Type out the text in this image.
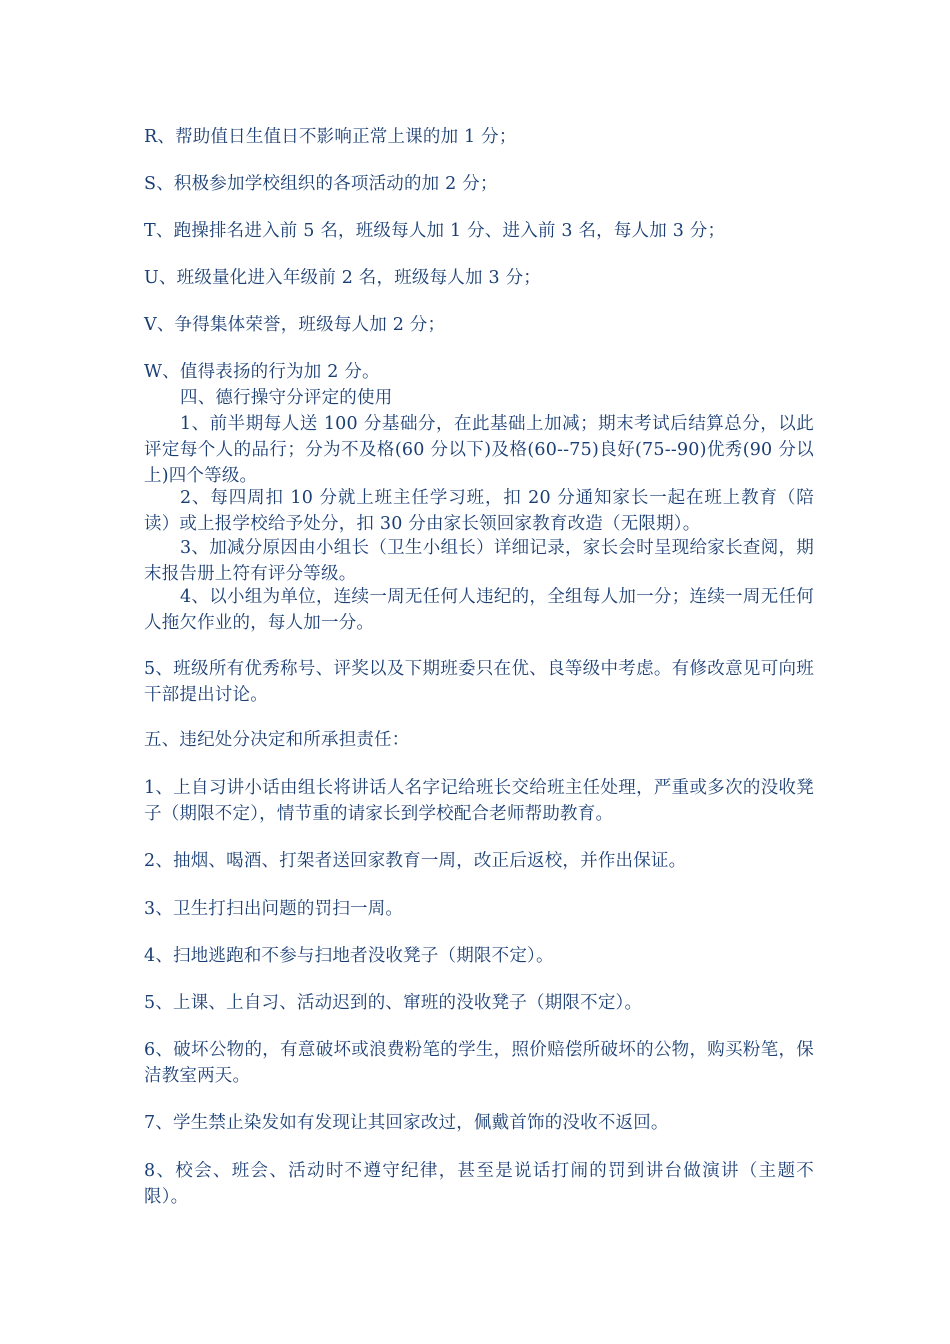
R、帮助值日生值日不影响正常上课的加 1 分；
S、积极参加学校组织的各项活动的加 2 分；
T、跑操排名进入前 5 名，班级每人加 1 分、进入前 3 名，每人加 3 分；
U、班级量化进入年级前 2 名，班级每人加 3 分；
V、争得集体荣誉，班级每人加 2 分；
W、值得表扬的行为加 2 分。
四、德行操守分评定的使用
1、前半期每人送 100 分基础分，在此基础上加减；期末考试后结算总分，以此评定每个人的品行；分为不及格(60 分以下)及格(60--75)良好(75--90)优秀(90 分以上)四个等级。
2、每四周扣 10 分就上班主任学习班，扣 20 分通知家长一起在班上教育（陪读）或上报学校给予处分，扣 30 分由家长领回家教育改造（无限期）。
3、加减分原因由小组长（卫生小组长）详细记录，家长会时呈现给家长查阅，期末报告册上符有评分等级。
4、以小组为单位，连续一周无任何人违纪的，全组每人加一分；连续一周无任何人拖欠作业的，每人加一分。
5、班级所有优秀称号、评奖以及下期班委只在优、良等级中考虑。有修改意见可向班干部提出讨论。
五、违纪处分决定和所承担责任：
1、上自习讲小话由组长将讲话人名字记给班长交给班主任处理，严重或多次的没收凳子（期限不定），情节重的请家长到学校配合老师帮助教育。
2、抽烟、喝酒、打架者送回家教育一周，改正后返校，并作出保证。
3、卫生打扫出问题的罚扫一周。
4、扫地逃跑和不参与扫地者没收凳子（期限不定）。
5、上课、上自习、活动迟到的、窜班的没收凳子（期限不定）。
6、破坏公物的，有意破坏或浪费粉笔的学生，照价赔偿所破坏的公物，购买粉笔，保洁教室两天。
7、学生禁止染发如有发现让其回家改过，佩戴首饰的没收不返回。
8、校会、班会、活动时不遵守纪律，甚至是说话打闹的罚到讲台做演讲（主题不限）。
